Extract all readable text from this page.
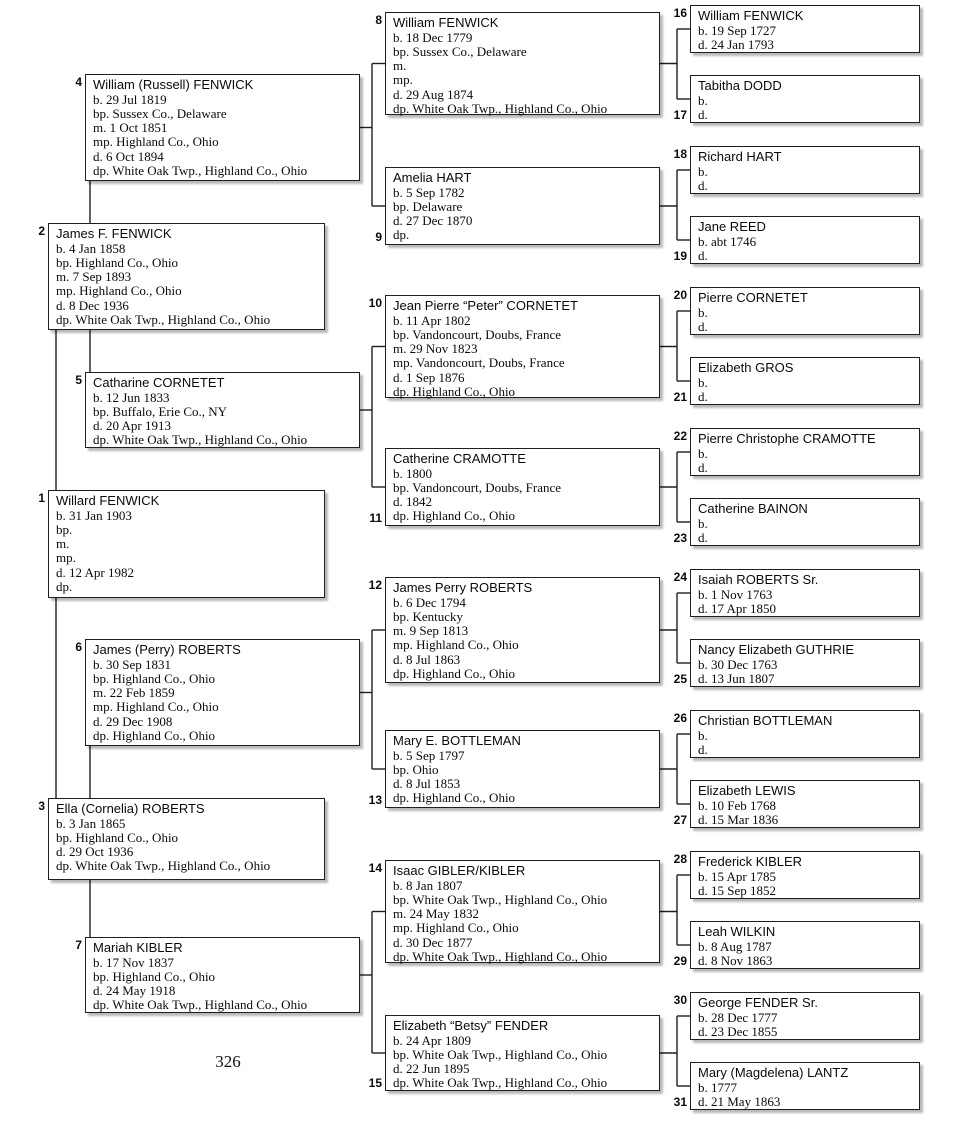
326
Willard FENWICK
b. 31 Jan 1903
bp.
m.
mp.
d. 12 Apr 1982
dp.
1
James F. FENWICK
b. 4 Jan 1858
bp. Highland Co., Ohio
m. 7 Sep 1893
mp. Highland Co., Ohio
d. 8 Dec 1936
dp. White Oak Twp., Highland Co., Ohio
2
Ella (Cornelia) ROBERTS
b. 3 Jan 1865
bp. Highland Co., Ohio
d. 29 Oct 1936
dp. White Oak Twp., Highland Co., Ohio
3
William (Russell) FENWICK
b. 29 Jul 1819
bp. Sussex Co., Delaware
m. 1 Oct 1851
mp. Highland Co., Ohio
d. 6 Oct 1894
dp. White Oak Twp., Highland Co., Ohio
4
Catharine CORNETET
b. 12 Jun 1833
bp. Buffalo, Erie Co., NY
d. 20 Apr 1913
dp. White Oak Twp., Highland Co., Ohio
5
James (Perry) ROBERTS
b. 30 Sep 1831
bp. Highland Co., Ohio
m. 22 Feb 1859
mp. Highland Co., Ohio
d. 29 Dec 1908
dp. Highland Co., Ohio
6
Mariah KIBLER
b. 17 Nov 1837
bp. Highland Co., Ohio
d. 24 May 1918
dp. White Oak Twp., Highland Co., Ohio
7
William FENWICK
b. 18 Dec 1779
bp. Sussex Co., Delaware
m.
mp.
d. 29 Aug 1874
dp. White Oak Twp., Highland Co., Ohio
8
Amelia HART
b. 5 Sep 1782
bp. Delaware
d. 27 Dec 1870
dp.
9
Jean Pierre “Peter” CORNETET
b. 11 Apr 1802
bp. Vandoncourt, Doubs, France
m. 29 Nov 1823
mp. Vandoncourt, Doubs, France
d. 1 Sep 1876
dp. Highland Co., Ohio
10
Catherine CRAMOTTE
b. 1800
bp. Vandoncourt, Doubs, France
d. 1842
dp. Highland Co., Ohio
11
James Perry ROBERTS
b. 6 Dec 1794
bp. Kentucky
m. 9 Sep 1813
mp. Highland Co., Ohio
d. 8 Jul 1863
dp. Highland Co., Ohio
12
Mary E. BOTTLEMAN
b. 5 Sep 1797
bp. Ohio
d. 8 Jul 1853
dp. Highland Co., Ohio
13
Isaac GIBLER/KIBLER
b. 8 Jan 1807
bp. White Oak Twp., Highland Co., Ohio
m. 24 May 1832
mp. Highland Co., Ohio
d. 30 Dec 1877
dp. White Oak Twp., Highland Co., Ohio
14
Elizabeth “Betsy” FENDER
b. 24 Apr 1809
bp. White Oak Twp., Highland Co., Ohio
d. 22 Jun 1895
dp. White Oak Twp., Highland Co., Ohio
15
William FENWICK
b. 19 Sep 1727
d. 24 Jan 1793
16
Tabitha DODD
b.
d.
17
Richard HART
b.
d.
18
Jane REED
b. abt 1746
d.
19
Pierre CORNETET
b.
d.
20
Elizabeth GROS
b.
d.
21
Pierre Christophe CRAMOTTE
b.
d.
22
Catherine BAINON
b.
d.
23
Isaiah ROBERTS Sr.
b. 1 Nov 1763
d. 17 Apr 1850
24
Nancy Elizabeth GUTHRIE
b. 30 Dec 1763
d. 13 Jun 1807
25
Christian BOTTLEMAN
b.
d.
26
Elizabeth LEWIS
b. 10 Feb 1768
d. 15 Mar 1836
27
Frederick KIBLER
b. 15 Apr 1785
d. 15 Sep 1852
28
Leah WILKIN
b. 8 Aug 1787
d. 8 Nov 1863
29
George FENDER Sr.
b. 28 Dec 1777
d. 23 Dec 1855
30
Mary (Magdelena) LANTZ
b. 1777
d. 21 May 1863
31
